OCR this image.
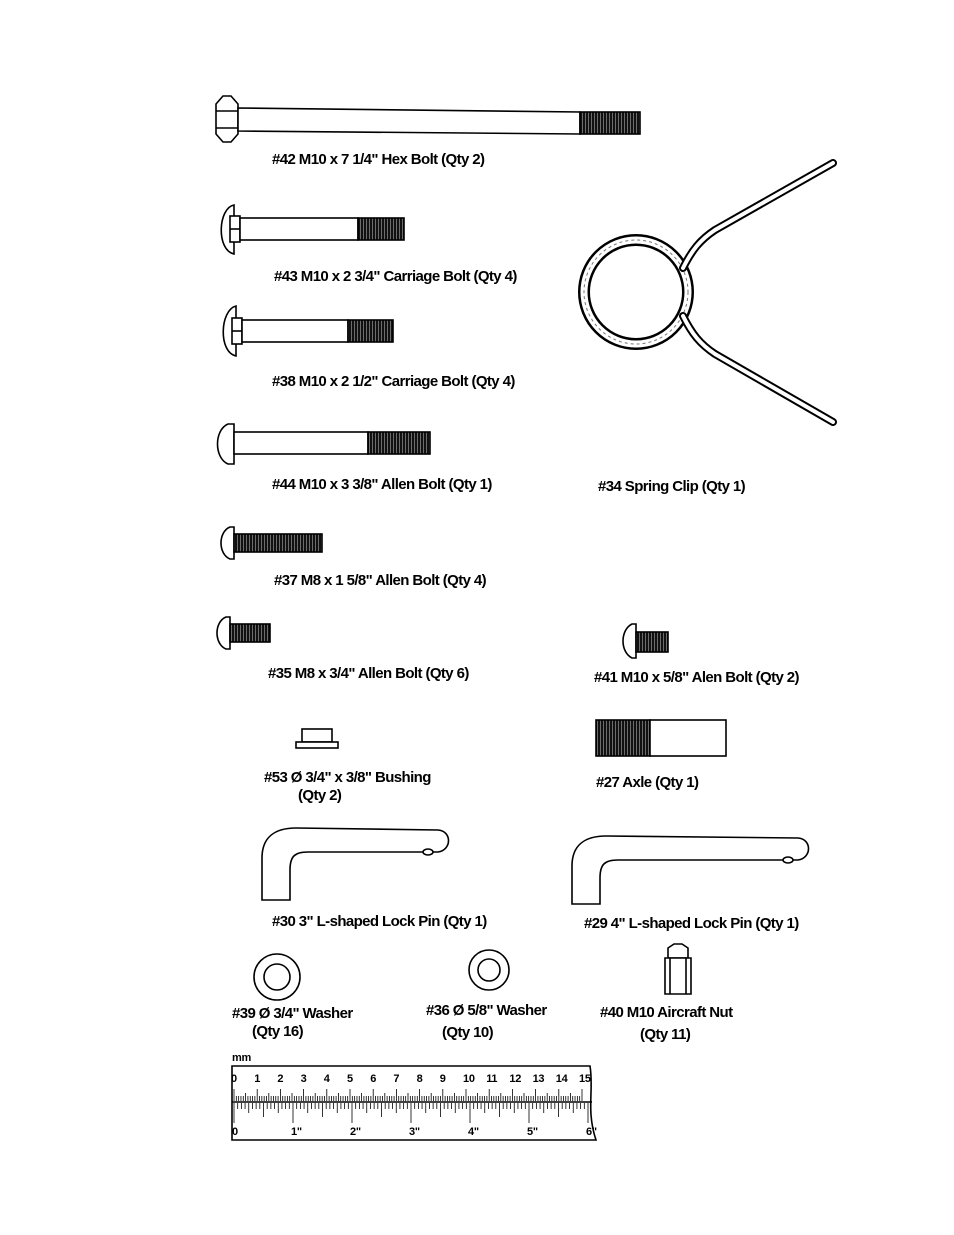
#42 M10 x 7 1/4" Hex Bolt (Qty 2)
#43 M10 x 2 3/4" Carriage Bolt (Qty 4)
#38 M10 x 2 1/2" Carriage Bolt (Qty 4)
#44 M10 x 3 3/8" Allen Bolt (Qty 1)	#34 Spring Clip (Qty 1)
#37 M8 x 1 5/8" Allen Bolt (Qty 4)
#35 M8 x 3/4" Allen Bolt (Qty 6)	#41 M10 x 5/8" Alen Bolt (Qty 2)
#53 Ø 3/4" x 3/8" Bushing
(Qty 2)
#27 Axle (Qty 1)
#30 3" L-shaped Lock Pin (Qty 1)	#29 4" L-shaped Lock Pin (Qty 1)
#39 Ø 3/4" Washer
(Qty 16)
#36 Ø 5/8" Washer
(Qty 10)
#40 M10 Aircraft Nut
(Qty 11)
mm
0 1 2 3 4 5 6 7 8 9 10 11 12 13 14 15
0	1"	2"	3"	4"	5"	6"
